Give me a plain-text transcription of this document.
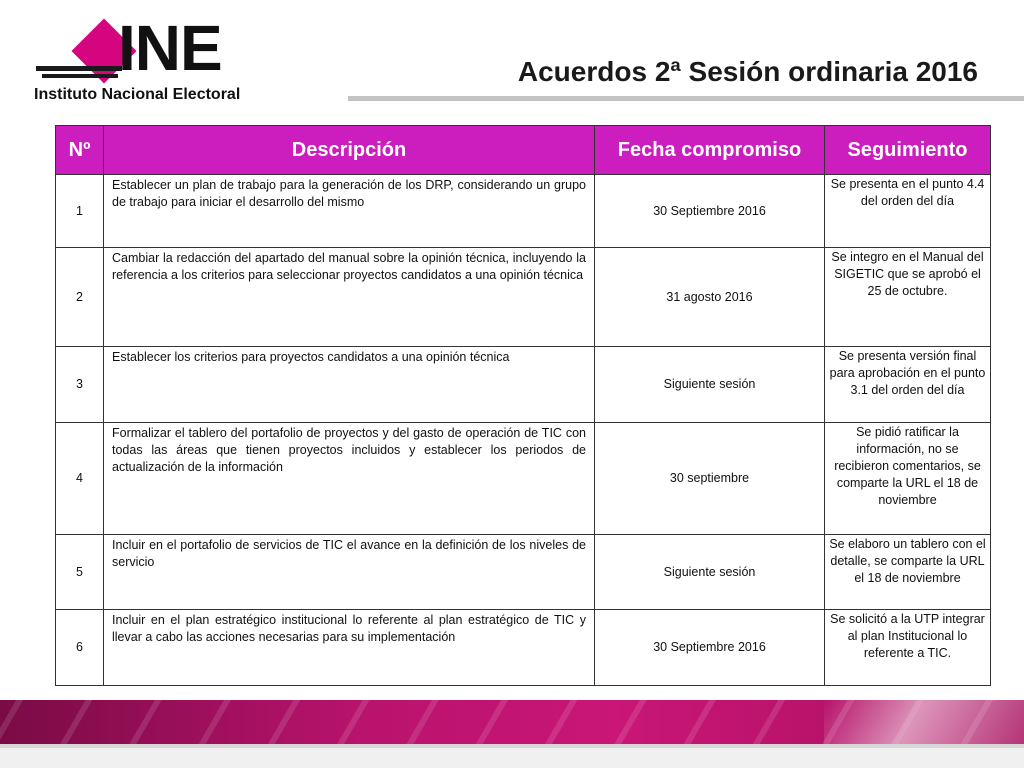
INE
Instituto Nacional Electoral
Acuerdos 2ª Sesión ordinaria 2016
Nº	Descripción	Fecha compromiso	Seguimiento
1	Establecer un plan de trabajo para la generación de los DRP, considerando un grupo de trabajo para iniciar el desarrollo del mismo	30 Septiembre 2016	Se presenta en el punto 4.4 del orden del día
2	Cambiar la redacción del apartado del manual sobre la opinión técnica, incluyendo la referencia a los criterios para seleccionar proyectos candidatos a una opinión técnica	31 agosto 2016	Se integro en el Manual del SIGETIC que se aprobó el 25 de octubre.
3	Establecer los criterios para proyectos candidatos a una opinión técnica	Siguiente sesión	Se presenta versión final para aprobación en el punto 3.1 del orden del día
4	Formalizar el tablero del portafolio de proyectos y del gasto de operación de TIC con todas las áreas que tienen proyectos incluidos y establecer los periodos de actualización de la información	30 septiembre	Se pidió ratificar la información, no se recibieron comentarios, se comparte la URL el 18 de noviembre
5	Incluir en el portafolio de servicios de TIC el avance en la definición de los niveles de servicio	Siguiente sesión	Se elaboro un tablero con el detalle, se comparte la URL el 18 de noviembre
6	Incluir en el plan estratégico institucional lo referente al plan estratégico de TIC y llevar a cabo las acciones necesarias para su implementación	30 Septiembre 2016	Se solicitó a la UTP integrar al plan Institucional lo referente a TIC.
